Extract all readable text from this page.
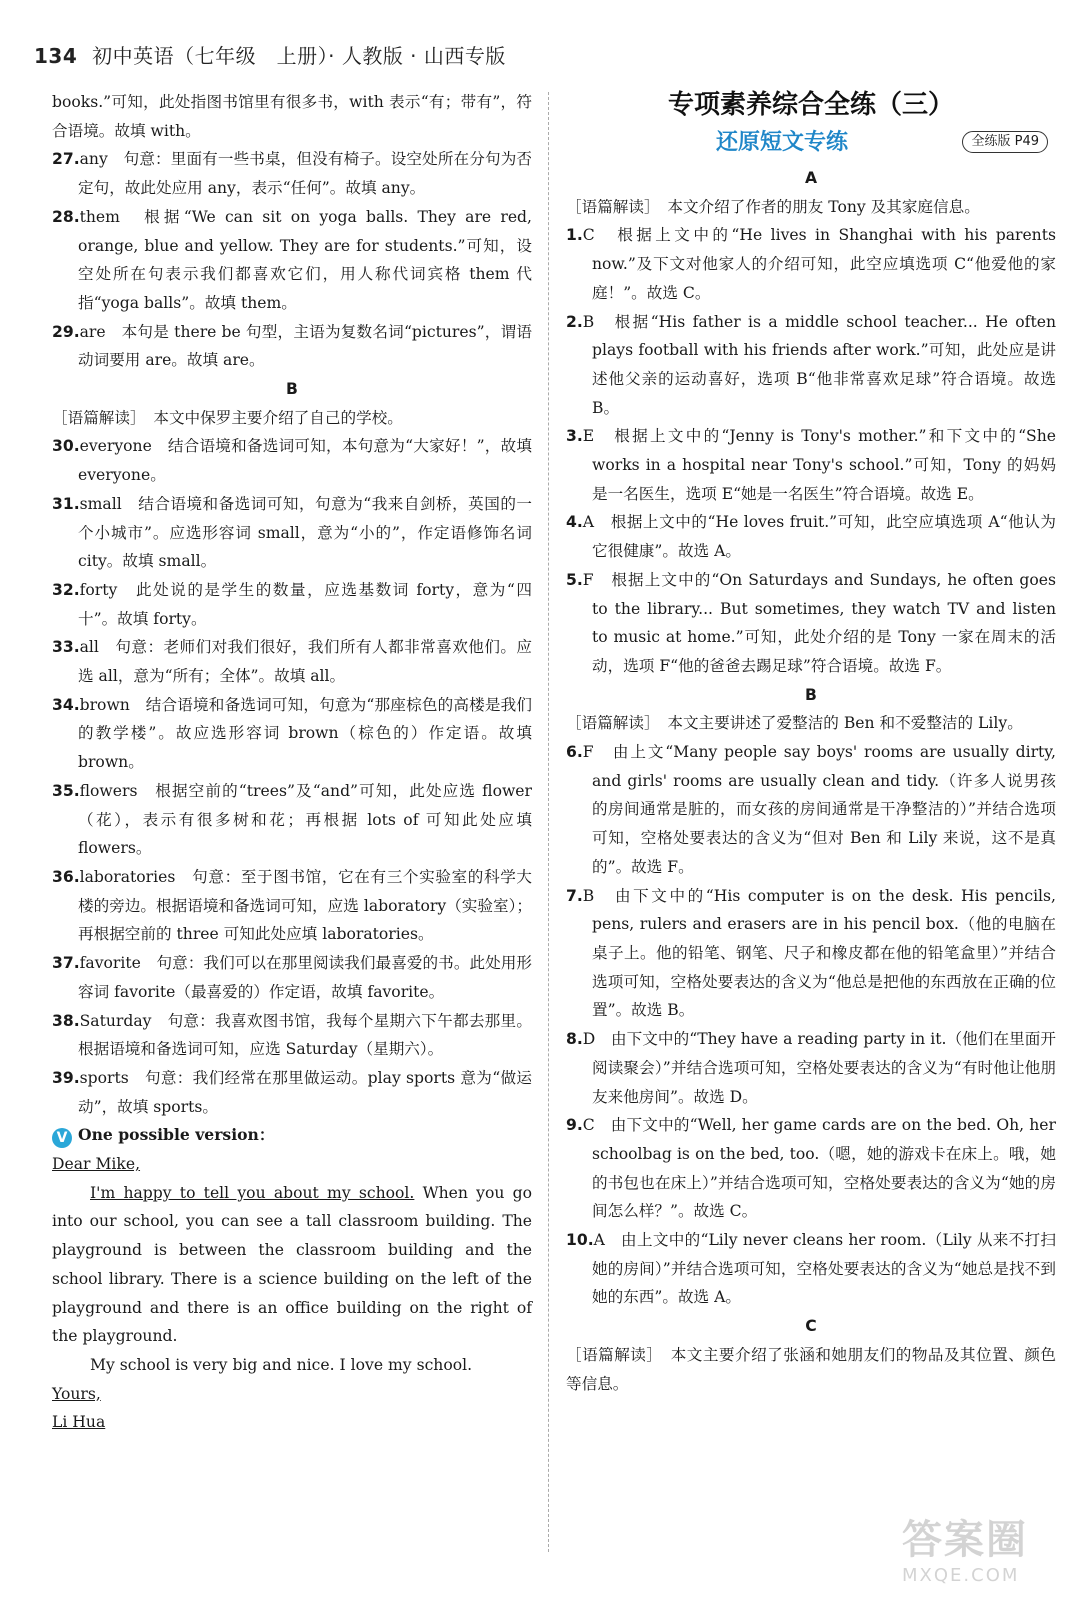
134 初中英语（七年级　上册）· 人教版 · 山西专版

books.”可知，此处指图书馆里有很多书，with 表示“有；带有”，符合语境。故填 with。

27.any　句意：里面有一些书桌，但没有椅子。设空处所在分句为否定句，故此处应用 any，表示“任何”。故填 any。

28.them　根据“We can sit on yoga balls. They are red, orange, blue and yellow. They are for students.”可知，设空处所在句表示我们都喜欢它们，用人称代词宾格 them 代指“yoga balls”。故填 them。

29.are　本句是 there be 句型，主语为复数名词“pictures”，谓语动词要用 are。故填 are。

B

［语篇解读］　本文中保罗主要介绍了自己的学校。

30.everyone　结合语境和备选词可知，本句意为“大家好！”，故填 everyone。

31.small　结合语境和备选词可知，句意为“我来自剑桥，英国的一个小城市”。应选形容词 small，意为“小的”，作定语修饰名词 city。故填 small。

32.forty　此处说的是学生的数量，应选基数词 forty，意为“四十”。故填 forty。

33.all　句意：老师们对我们很好，我们所有人都非常喜欢他们。应选 all，意为“所有；全体”。故填 all。

34.brown　结合语境和备选词可知，句意为“那座棕色的高楼是我们的教学楼”。故应选形容词 brown（棕色的）作定语。故填 brown。

35.flowers　根据空前的“trees”及“and”可知，此处应选 flower（花），表示有很多树和花；再根据 lots of 可知此处应填 flowers。

36.laboratories　句意：至于图书馆，它在有三个实验室的科学大楼的旁边。根据语境和备选词可知，应选 laboratory（实验室）；再根据空前的 three 可知此处应填 laboratories。

37.favorite　句意：我们可以在那里阅读我们最喜爱的书。此处用形容词 favorite（最喜爱的）作定语，故填 favorite。

38.Saturday　句意：我喜欢图书馆，我每个星期六下午都去那里。根据语境和备选词可知，应选 Saturday（星期六）。

39.sports　句意：我们经常在那里做运动。play sports 意为“做运动”，故填 sports。

V One possible version：

Dear Mike,

I'm happy to tell you about my school. When you go into our school, you can see a tall classroom building. The playground is between the classroom building and the school library. There is a science building on the left of the playground and there is an office building on the right of the playground.

My school is very big and nice. I love my school.

Yours,

Li Hua

专项素养综合全练（三）
还原短文专练	全练版 P49
A

［语篇解读］　本文介绍了作者的朋友 Tony 及其家庭信息。

1.C　根据上文中的“He lives in Shanghai with his parents now.”及下文对他家人的介绍可知，此空应填选项 C“他爱他的家庭！”。故选 C。

2.B　根据“His father is a middle school teacher... He often plays football with his friends after work.”可知，此处应是讲述他父亲的运动喜好，选项 B“他非常喜欢足球”符合语境。故选 B。

3.E　根据上文中的“Jenny is Tony's mother.”和下文中的“She works in a hospital near Tony's school.”可知，Tony 的妈妈是一名医生，选项 E“她是一名医生”符合语境。故选 E。

4.A　根据上文中的“He loves fruit.”可知，此空应填选项 A“他认为它很健康”。故选 A。

5.F　根据上文中的“On Saturdays and Sundays, he often goes to the library... But sometimes, they watch TV and listen to music at home.”可知，此处介绍的是 Tony 一家在周末的活动，选项 F“他的爸爸去踢足球”符合语境。故选 F。

B

［语篇解读］　本文主要讲述了爱整洁的 Ben 和不爱整洁的 Lily。

6.F　由上文“Many people say boys' rooms are usually dirty, and girls' rooms are usually clean and tidy.（许多人说男孩的房间通常是脏的，而女孩的房间通常是干净整洁的）”并结合选项可知，空格处要表达的含义为“但对 Ben 和 Lily 来说，这不是真的”。故选 F。

7.B　由下文中的“His computer is on the desk. His pencils, pens, rulers and erasers are in his pencil box.（他的电脑在桌子上。他的铅笔、钢笔、尺子和橡皮都在他的铅笔盒里）”并结合选项可知，空格处要表达的含义为“他总是把他的东西放在正确的位置”。故选 B。

8.D　由下文中的“They have a reading party in it.（他们在里面开阅读聚会）”并结合选项可知，空格处要表达的含义为“有时他让他朋友来他房间”。故选 D。

9.C　由下文中的“Well, her game cards are on the bed. Oh, her schoolbag is on the bed, too.（嗯，她的游戏卡在床上。哦，她的书包也在床上）”并结合选项可知，空格处要表达的含义为“她的房间怎么样？”。故选 C。

10.A　由上文中的“Lily never cleans her room.（Lily 从来不打扫她的房间）”并结合选项可知，空格处要表达的含义为“她总是找不到她的东西”。故选 A。

C

［语篇解读］　本文主要介绍了张涵和她朋友们的物品及其位置、颜色等信息。

答案圈
MXQE.COM
